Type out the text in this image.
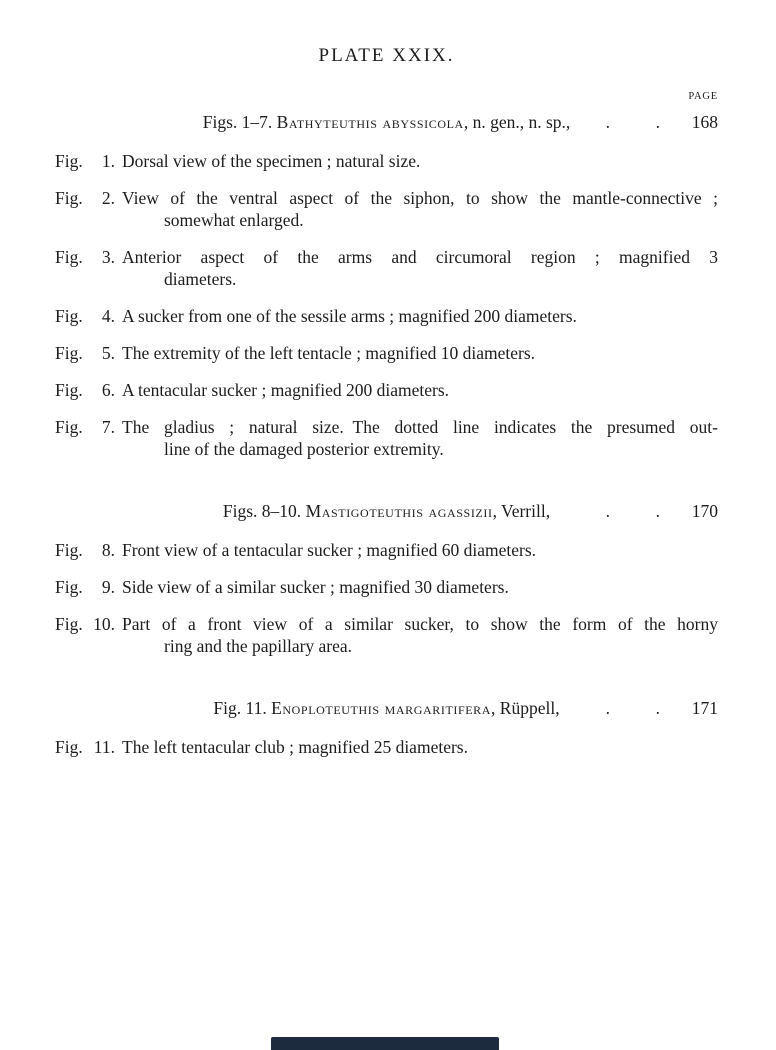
PLATE XXIX.
PAGE
Figs. 1–7. Bathyteuthis abyssicola, n. gen., n. sp., .	. 168
Fig.	1. Dorsal view of the specimen ; natural size.
Fig.	2. View of the ventral aspect of the siphon, to show the mantle-connective ;
somewhat enlarged.
Fig.	3. Anterior aspect of the arms and circumoral region ; magnified 3
diameters.
Fig.	4. A sucker from one of the sessile arms ; magnified 200 diameters.
Fig.	5. The extremity of the left tentacle ; magnified 10 diameters.
Fig.	6. A tentacular sucker ; magnified 200 diameters.
Fig.	7. The gladius ; natural size. The dotted line indicates the presumed out-
line of the damaged posterior extremity.
Figs. 8–10. Mastigoteuthis agassizii, Verrill,	.	. 170
Fig.	8. Front view of a tentacular sucker ; magnified 60 diameters.
Fig.	9. Side view of a similar sucker ; magnified 30 diameters.
Fig. 10. Part of a front view of a similar sucker, to show the form of the horny
ring and the papillary area.
Fig. 11. Enoploteuthis margaritifera, Rüppell,	.	. 171
Fig. 11. The left tentacular club ; magnified 25 diameters.
